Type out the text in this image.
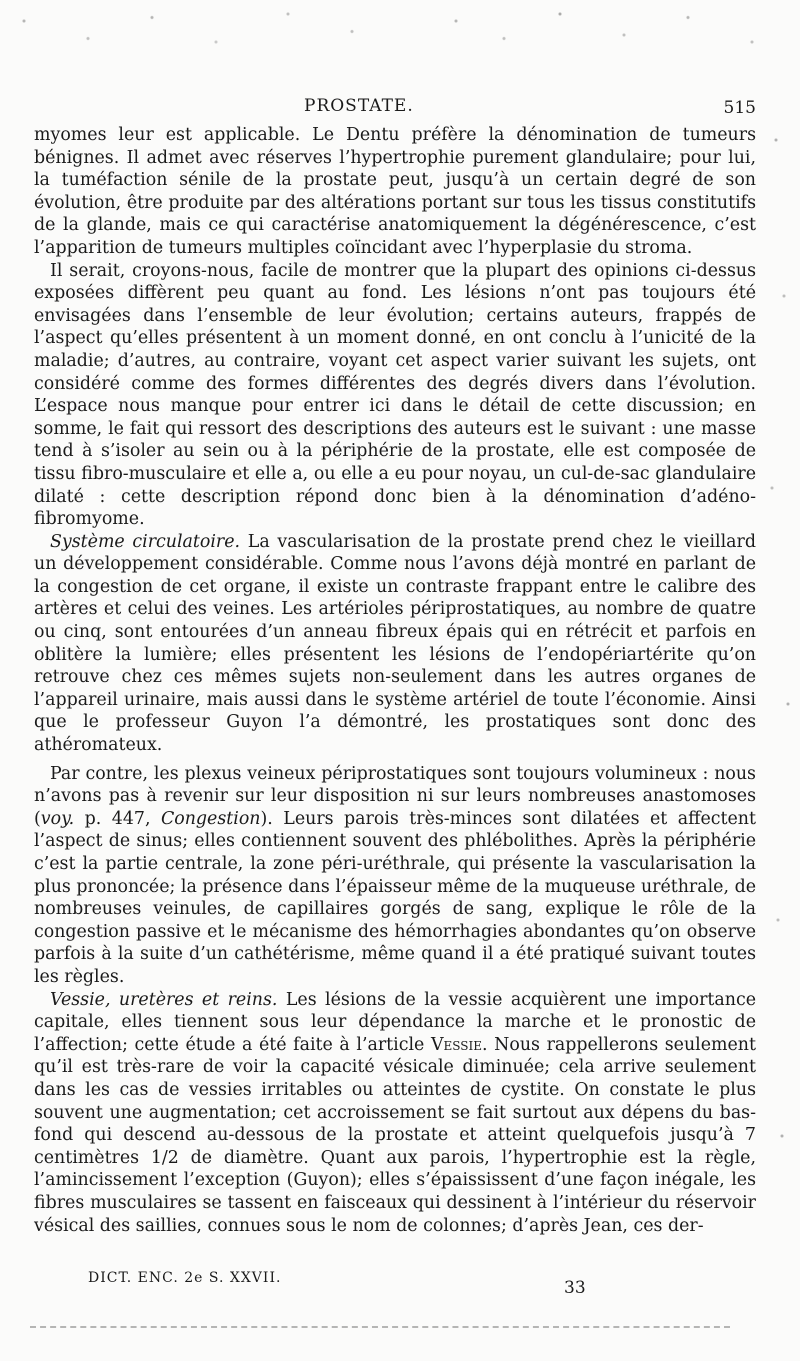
PROSTATE.	515

myomes leur est applicable. Le Dentu préfère la dénomination de tumeurs bénignes. Il admet avec réserves l’hypertrophie purement glandulaire; pour lui, la tuméfaction sénile de la prostate peut, jusqu’à un certain degré de son évolution, être produite par des altérations portant sur tous les tissus constitutifs de la glande, mais ce qui caractérise anatomiquement la dégénérescence, c’est l’apparition de tumeurs multiples coïncidant avec l’hyperplasie du stroma.

Il serait, croyons-nous, facile de montrer que la plupart des opinions ci-dessus exposées diffèrent peu quant au fond. Les lésions n’ont pas toujours été envisagées dans l’ensemble de leur évolution; certains auteurs, frappés de l’aspect qu’elles présentent à un moment donné, en ont conclu à l’unicité de la maladie; d’autres, au contraire, voyant cet aspect varier suivant les sujets, ont considéré comme des formes différentes des degrés divers dans l’évolution. L’espace nous manque pour entrer ici dans le détail de cette discussion; en somme, le fait qui ressort des descriptions des auteurs est le suivant : une masse tend à s’isoler au sein ou à la périphérie de la prostate, elle est composée de tissu fibro-musculaire et elle a, ou elle a eu pour noyau, un cul-de-sac glandulaire dilaté : cette description répond donc bien à la dénomination d’adéno-fibromyome.

Système circulatoire. La vascularisation de la prostate prend chez le vieillard un développement considérable. Comme nous l’avons déjà montré en parlant de la congestion de cet organe, il existe un contraste frappant entre le calibre des artères et celui des veines. Les artérioles périprostatiques, au nombre de quatre ou cinq, sont entourées d’un anneau fibreux épais qui en rétrécit et parfois en oblitère la lumière; elles présentent les lésions de l’endopériartérite qu’on retrouve chez ces mêmes sujets non-seulement dans les autres organes de l’appareil urinaire, mais aussi dans le système artériel de toute l’économie. Ainsi que le professeur Guyon l’a démontré, les prostatiques sont donc des athéromateux.

Par contre, les plexus veineux périprostatiques sont toujours volumineux : nous n’avons pas à revenir sur leur disposition ni sur leurs nombreuses anastomoses (voy. p. 447, Congestion). Leurs parois très-minces sont dilatées et affectent l’aspect de sinus; elles contiennent souvent des phlébolithes. Après la périphérie c’est la partie centrale, la zone péri-uréthrale, qui présente la vascularisation la plus prononcée; la présence dans l’épaisseur même de la muqueuse uréthrale, de nombreuses veinules, de capillaires gorgés de sang, explique le rôle de la congestion passive et le mécanisme des hémorrhagies abondantes qu’on observe parfois à la suite d’un cathétérisme, même quand il a été pratiqué suivant toutes les règles.

Vessie, uretères et reins. Les lésions de la vessie acquièrent une importance capitale, elles tiennent sous leur dépendance la marche et le pronostic de l’affection; cette étude a été faite à l’article Vessie. Nous rappellerons seulement qu’il est très-rare de voir la capacité vésicale diminuée; cela arrive seulement dans les cas de vessies irritables ou atteintes de cystite. On constate le plus souvent une augmentation; cet accroissement se fait surtout aux dépens du bas-fond qui descend au-dessous de la prostate et atteint quelquefois jusqu’à 7 centimètres 1/2 de diamètre. Quant aux parois, l’hypertrophie est la règle, l’amincissement l’exception (Guyon); elles s’épaississent d’une façon inégale, les fibres musculaires se tassent en faisceaux qui dessinent à l’intérieur du réservoir vésical des saillies, connues sous le nom de colonnes; d’après Jean, ces der-

DICT. ENC. 2e S. XXVII.	33
